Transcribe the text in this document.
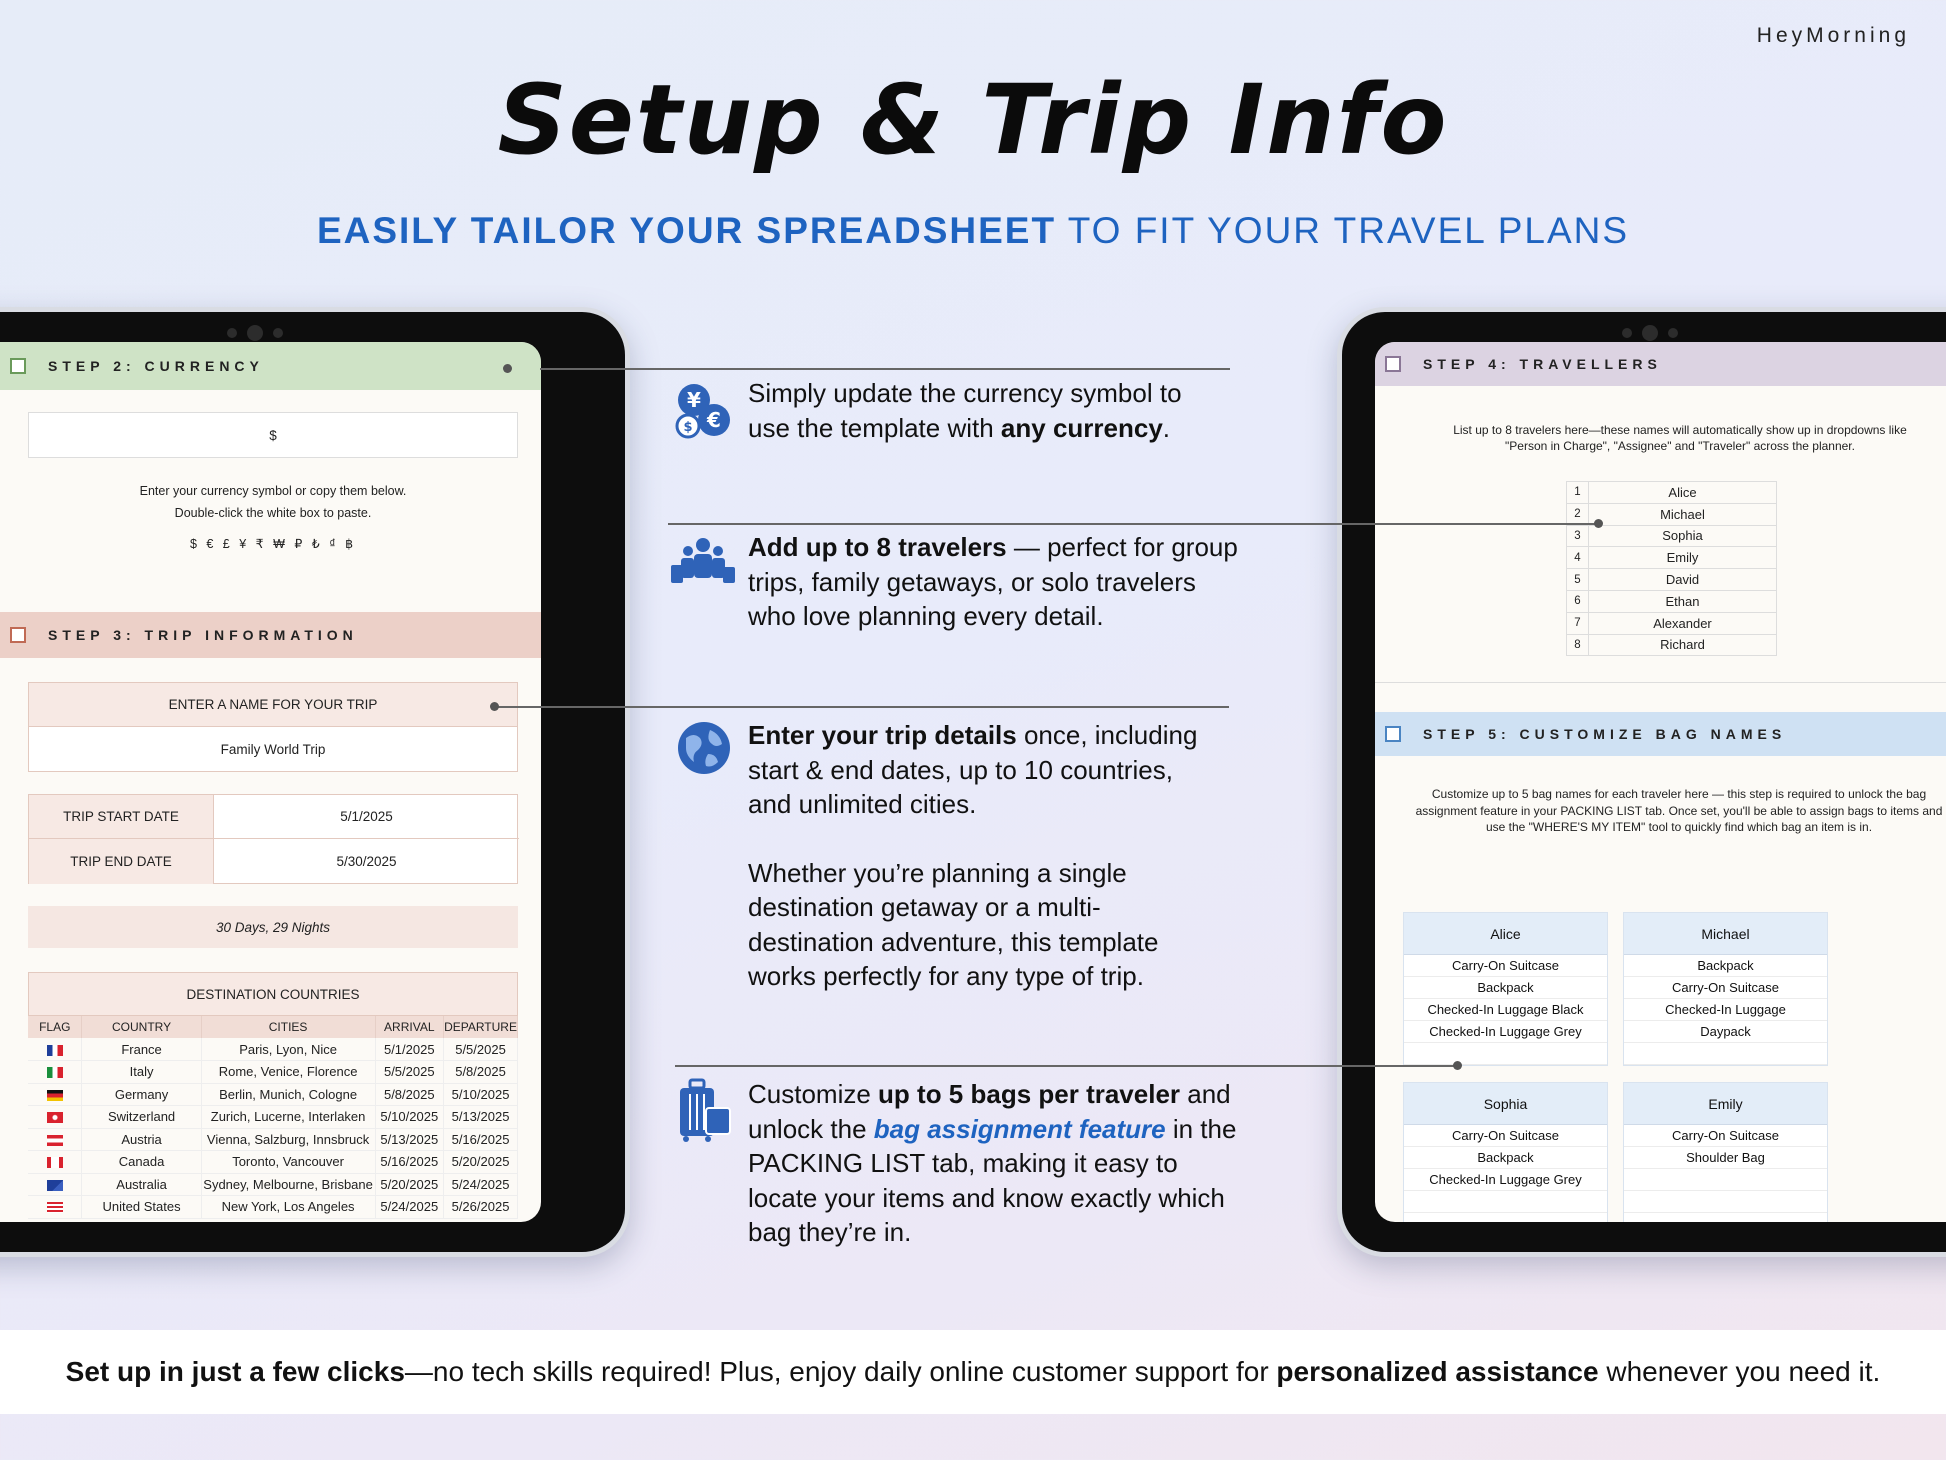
HeyMorning
Setup & Trip Info
EASILY TAILOR YOUR SPREADSHEET TO FIT YOUR TRAVEL PLANS
STEP 2: CURRENCY
$
Enter your currency symbol or copy them below.
Double-click the white box to paste.
$ € £ ¥ ₹ ₩ ₽ ₺ ₫ ฿
STEP 3: TRIP INFORMATION
ENTER A NAME FOR YOUR TRIP
Family World Trip
TRIP START DATE	5/1/2025
TRIP END DATE	5/30/2025
30 Days, 29 Nights
DESTINATION COUNTRIES
FLAG	COUNTRY	CITIES	ARRIVAL	DEPARTURE
	France	Paris, Lyon, Nice	5/1/2025	5/5/2025
	Italy	Rome, Venice, Florence	5/5/2025	5/8/2025
	Germany	Berlin, Munich, Cologne	5/8/2025	5/10/2025
	Switzerland	Zurich, Lucerne, Interlaken	5/10/2025	5/13/2025
	Austria	Vienna, Salzburg, Innsbruck	5/13/2025	5/16/2025
	Canada	Toronto, Vancouver	5/16/2025	5/20/2025
	Australia	Sydney, Melbourne, Brisbane	5/20/2025	5/24/2025
	United States	New York, Los Angeles	5/24/2025	5/26/2025
STEP 4: TRAVELLERS
List up to 8 travelers here—these names will automatically show up in dropdowns like
"Person in Charge", "Assignee" and "Traveler" across the planner.
1	Alice
2	Michael
3	Sophia
4	Emily
5	David
6	Ethan
7	Alexander
8	Richard
STEP 5: CUSTOMIZE BAG NAMES
Customize up to 5 bag names for each traveler here — this step is required to unlock the bag assignment feature in your PACKING LIST tab. Once set, you'll be able to assign bags to items and use the "WHERE'S MY ITEM" tool to quickly find which bag an item is in.
Alice
Carry-On Suitcase
Backpack
Checked-In Luggage Black
Checked-In Luggage Grey
Michael
Backpack
Carry-On Suitcase
Checked-In Luggage
Daypack
Sophia
Carry-On Suitcase
Backpack
Checked-In Luggage Grey
Emily
Carry-On Suitcase
Shoulder Bag
¥
€
$
Simply update the currency symbol to use the template with any currency.
Add up to 8 travelers — perfect for group trips, family getaways, or solo travelers who love planning every detail.
Enter your trip details once, including start & end dates, up to 10 countries, and unlimited cities.
Whether you’re planning a single destination getaway or a multi-destination adventure, this template works perfectly for any type of trip.
Customize up to 5 bags per traveler and unlock the bag assignment feature in the PACKING LIST tab, making it easy to locate your items and know exactly which bag they’re in.
Set up in just a few clicks—no tech skills required! Plus, enjoy daily online customer support for personalized assistance whenever you need it.
